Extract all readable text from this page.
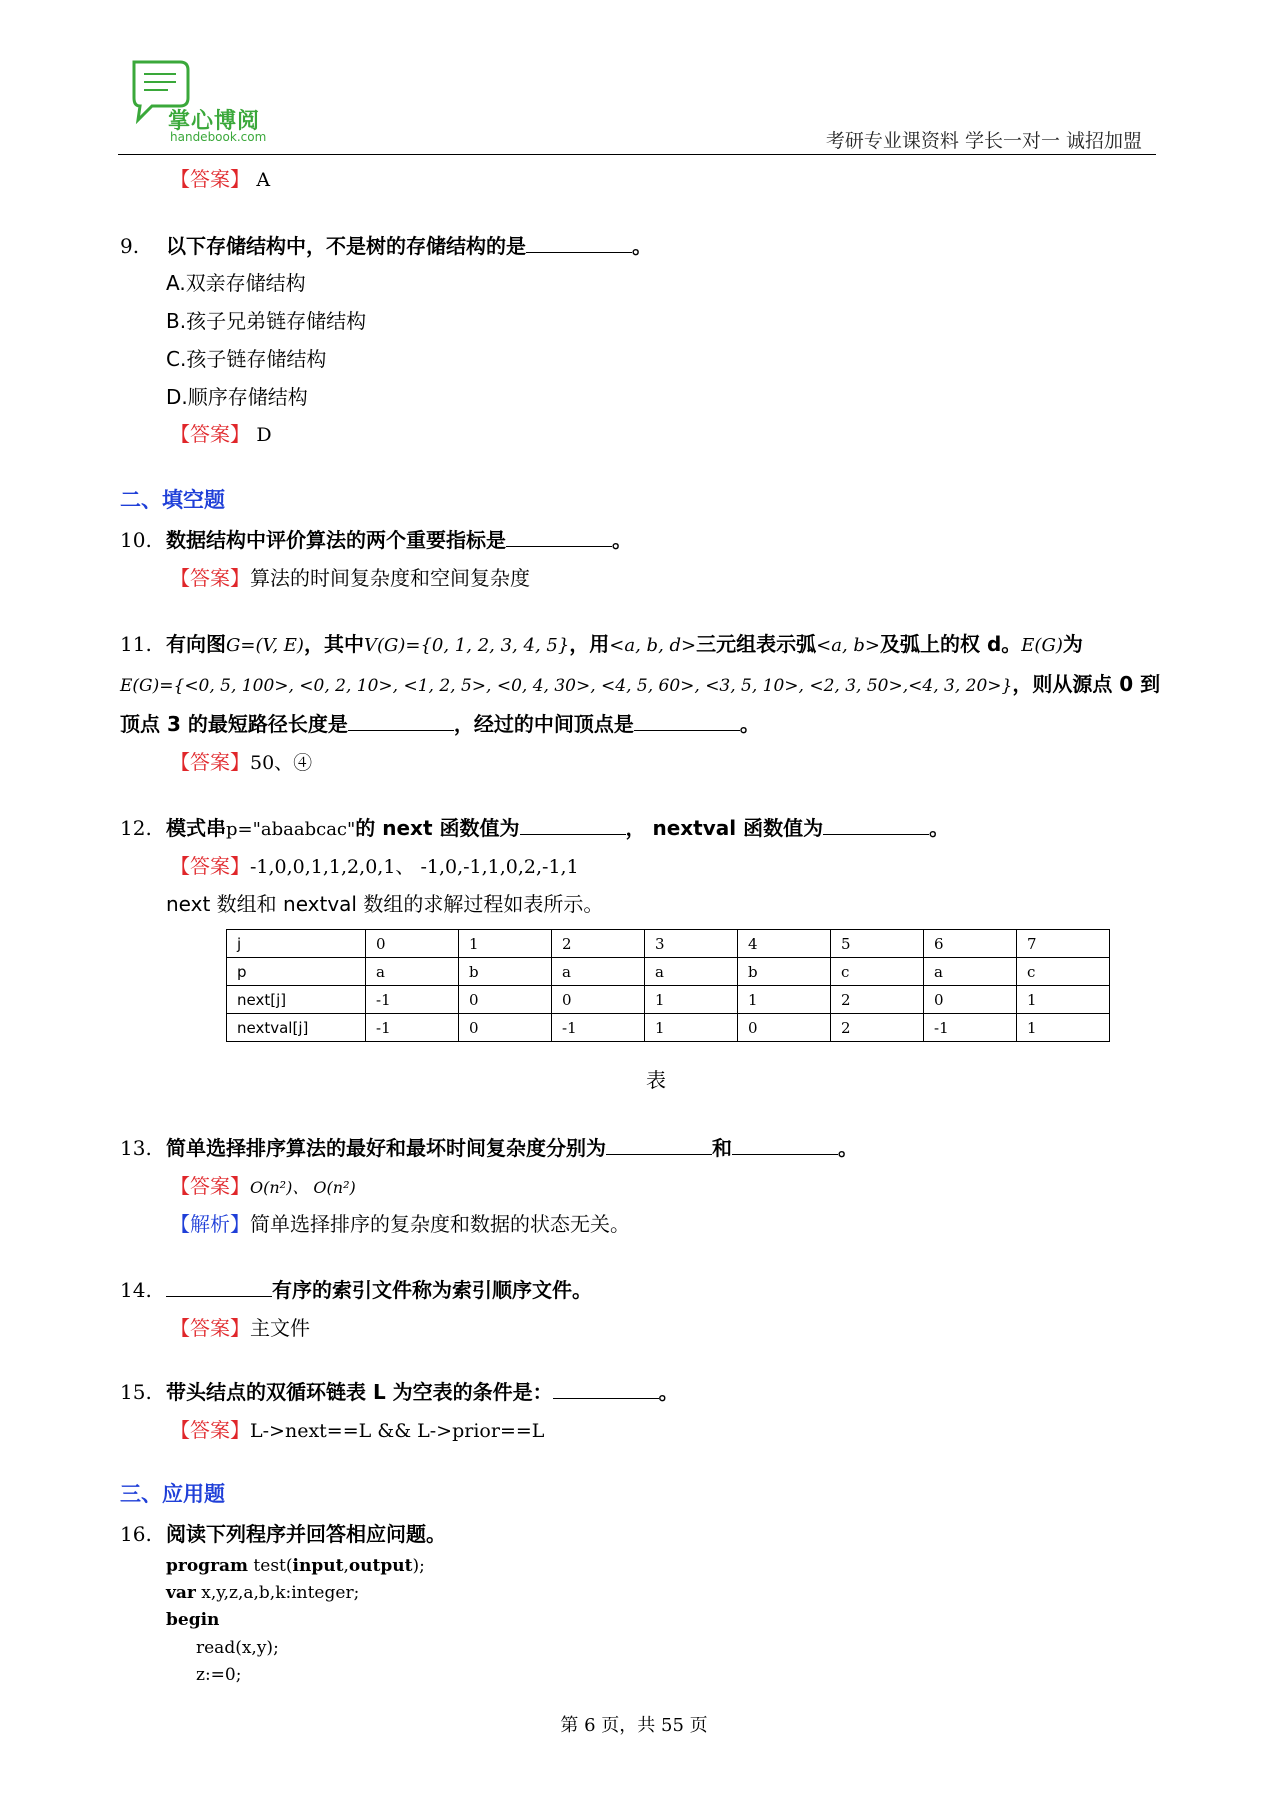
掌心博阅
handebook.com	考研专业课资料 学长一对一 诚招加盟
【答案】 A
9. 以下存储结构中，不是树的存储结构的是	。
A.双亲存储结构
B.孩子兄弟链存储结构
C.孩子链存储结构
D.顺序存储结构
【答案】 D
二、填空题
10. 数据结构中评价算法的两个重要指标是	。
【答案】算法的时间复杂度和空间复杂度
11. 有向图G=(V, E)，其中V(G)={0, 1, 2, 3, 4, 5}，用<a, b, d>三元组表示弧<a, b>及弧上的权 d。E(G)为
E(G)={<0, 5, 100>, <0, 2, 10>, <1, 2, 5>, <0, 4, 30>, <4, 5, 60>, <3, 5, 10>, <2, 3, 50>,<4, 3, 20>}，则从源点 0 到
顶点 3 的最短路径长度是	，经过的中间顶点是	。
【答案】50、④
12. 模式串p="abaabcac"的 next 函数值为	， nextval 函数值为	。
【答案】-1,0,0,1,1,2,0,1、 -1,0,-1,1,0,2,-1,1
next 数组和 nextval 数组的求解过程如表所示。
j	0	1	2	3	4	5	6	7
p	a	b	a	a	b	c	a	c
next[j]	-1	0	0	1	1	2	0	1
nextval[j]	-1	0	-1	1	0	2	-1	1
表
13. 简单选择排序算法的最好和最坏时间复杂度分别为	和	。
【答案】O(n²)、 O(n²)
【解析】简单选择排序的复杂度和数据的状态无关。
14.	有序的索引文件称为索引顺序文件。
【答案】主文件
15. 带头结点的双循环链表 L 为空表的条件是：	。
【答案】L->next==L && L->prior==L
三、应用题
16. 阅读下列程序并回答相应问题。
program test(input,output);
var x,y,z,a,b,k:integer;
begin
read(x,y);
z:=0;
第 6 页，共 55 页
